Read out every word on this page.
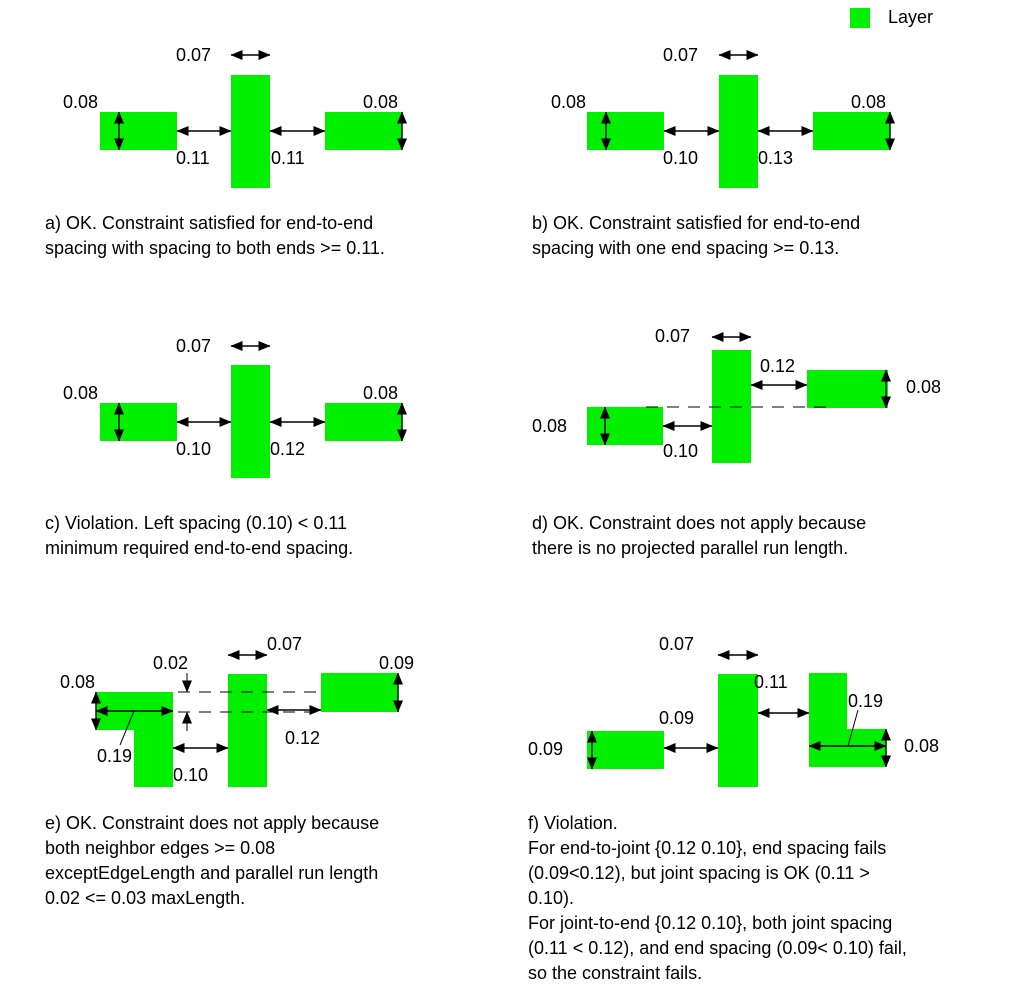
Layer
0.07
0.08	0.08
0.11	0.11
0.07
0.08	0.08
0.10	0.13
0.07
0.08	0.08
0.10	0.12
0.07
0.12
0.08
0.08
0.10
0.07
0.02
0.08
0.09
0.19
0.12
0.10
0.07
0.11
0.19
0.09
0.09	0.08
a) OK. Constraint satisfied for end-to-end
spacing with spacing to both ends >= 0.11.
b) OK. Constraint satisfied for end-to-end
spacing with one end spacing >= 0.13.
c) Violation. Left spacing (0.10) < 0.11
minimum required end-to-end spacing.
d) OK. Constraint does not apply because
there is no projected parallel run length.
e) OK. Constraint does not apply because
both neighbor edges >= 0.08
exceptEdgeLength and parallel run length
0.02 <= 0.03 maxLength.
f) Violation.
For end-to-joint {0.12 0.10}, end spacing fails
(0.09<0.12), but joint spacing is OK (0.11 >
0.10).
For joint-to-end {0.12 0.10}, both joint spacing
(0.11 < 0.12), and end spacing (0.09< 0.10) fail,
so the constraint fails.
